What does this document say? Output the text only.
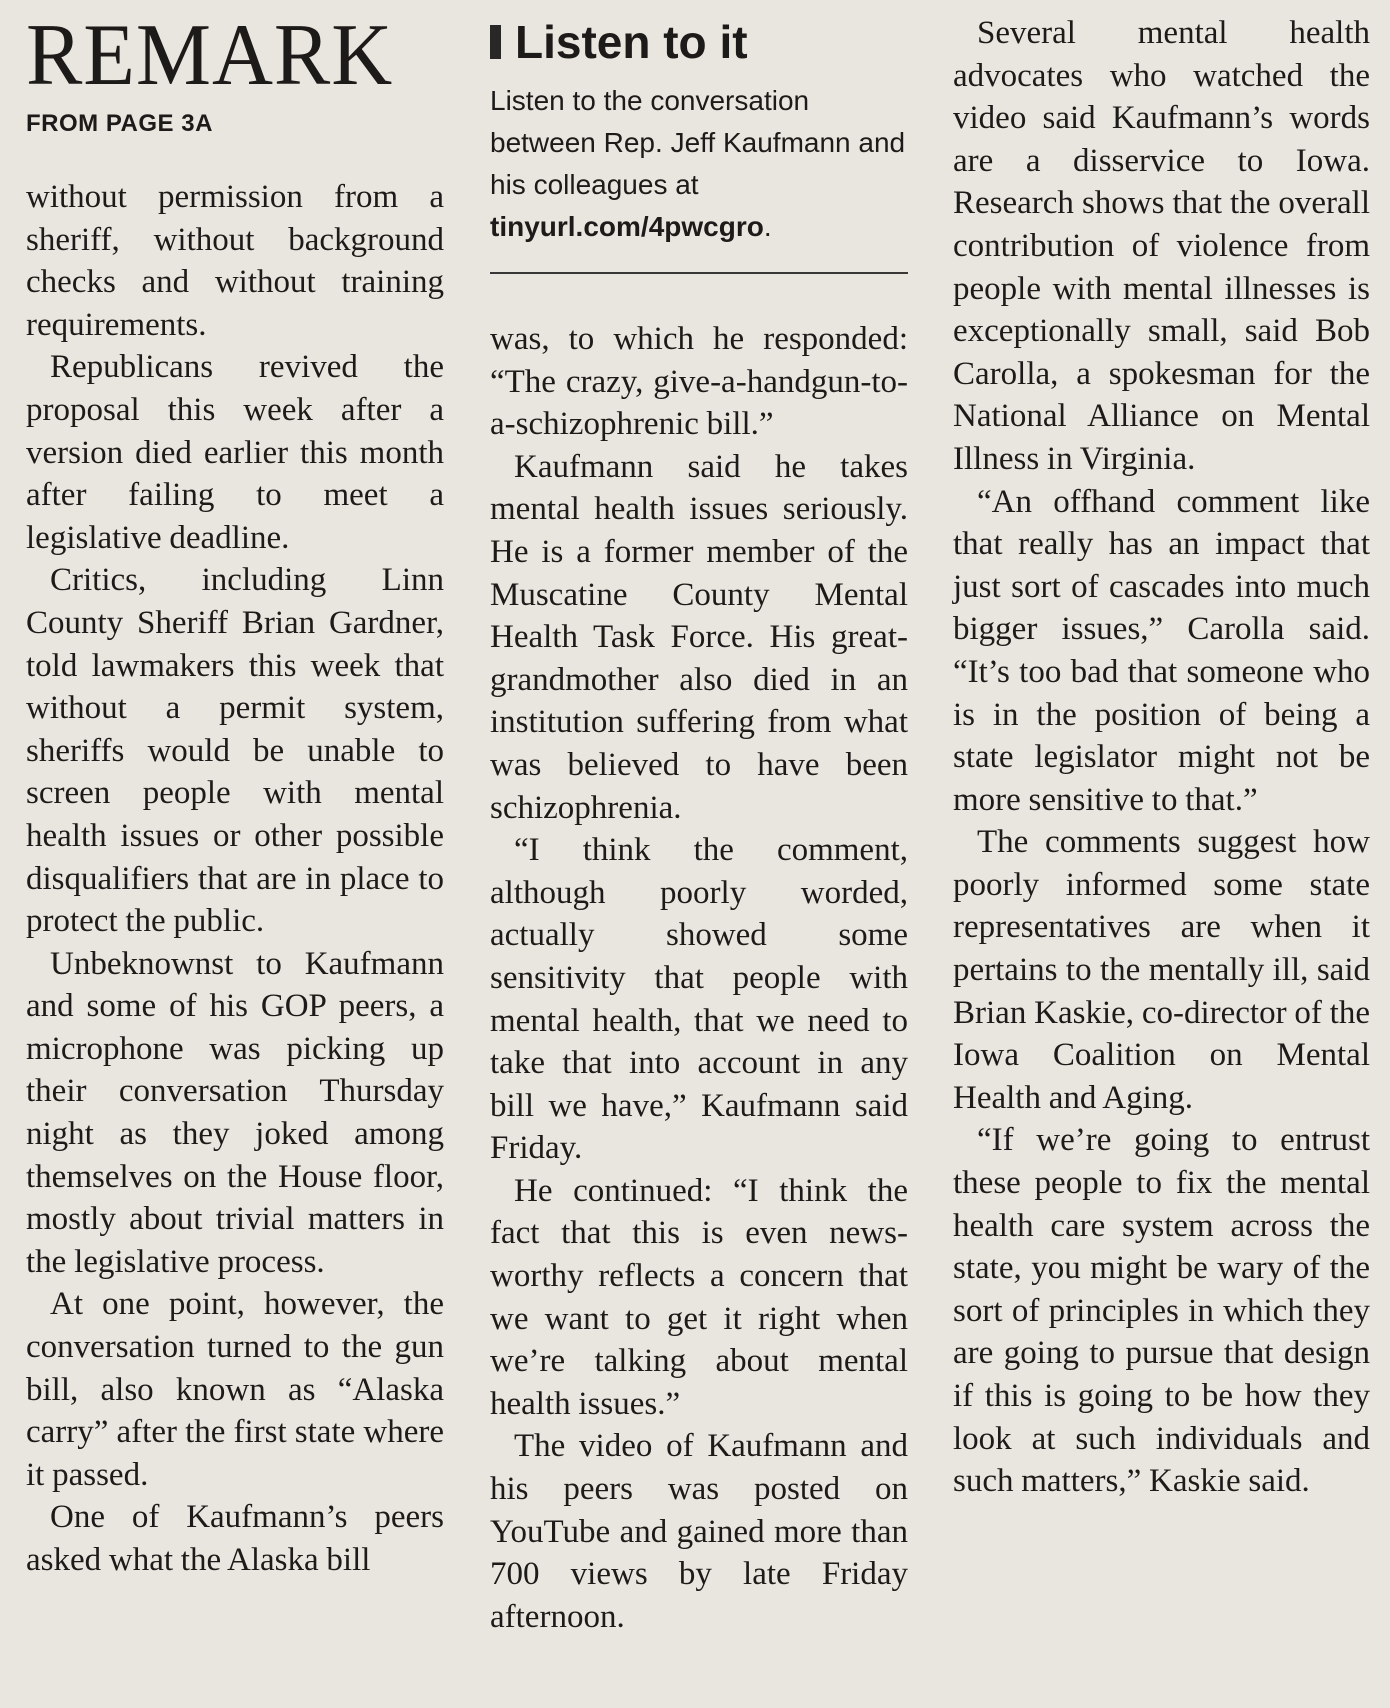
REMARK
FROM PAGE 3A

without permission from a sheriff, without background checks and without training requirements.

Republicans revived the proposal this week after a version died earlier this month after failing to meet a legislative deadline.

Critics, including Linn County Sheriff Brian Gardner, told lawmakers this week that without a permit system, sheriffs would be unable to screen people with mental health issues or other possible disqualifiers that are in place to protect the public.

Unbeknownst to Kaufmann and some of his GOP peers, a microphone was picking up their conversation Thursday night as they joked among themselves on the House floor, mostly about trivial matters in the legislative process.

At one point, however, the conversation turned to the gun bill, also known as “Alaska carry” after the first state where it passed.

One of Kaufmann’s peers asked what the Alaska bill

Listen to it

Listen to the conversation between Rep. Jeff Kaufmann and his colleagues at tinyurl.com/4pwcgro.

was, to which he responded: “The crazy, give-a-handgun-to-a-schizophrenic bill.”

Kaufmann said he takes mental health issues seriously. He is a former member of the Muscatine County Mental Health Task Force. His great-grandmother also died in an institution suffering from what was believed to have been schizophrenia.

“I think the comment, although poorly worded, actually showed some sensitivity that people with mental health, that we need to take that into account in any bill we have,” Kaufmann said Friday.

He continued: “I think the fact that this is even newsworthy reflects a concern that we want to get it right when we’re talking about mental health issues.”

The video of Kaufmann and his peers was posted on YouTube and gained more than 700 views by late Friday afternoon.

Several mental health advocates who watched the video said Kaufmann’s words are a disservice to Iowa. Research shows that the overall contribution of violence from people with mental illnesses is exceptionally small, said Bob Carolla, a spokesman for the National Alliance on Mental Illness in Virginia.

“An offhand comment like that really has an impact that just sort of cascades into much bigger issues,” Carolla said. “It’s too bad that someone who is in the position of being a state legislator might not be more sensitive to that.”

The comments suggest how poorly informed some state representatives are when it pertains to the mentally ill, said Brian Kaskie, co-director of the Iowa Coalition on Mental Health and Aging.

“If we’re going to entrust these people to fix the mental health care system across the state, you might be wary of the sort of principles in which they are going to pursue that design if this is going to be how they look at such individuals and such matters,” Kaskie said.
